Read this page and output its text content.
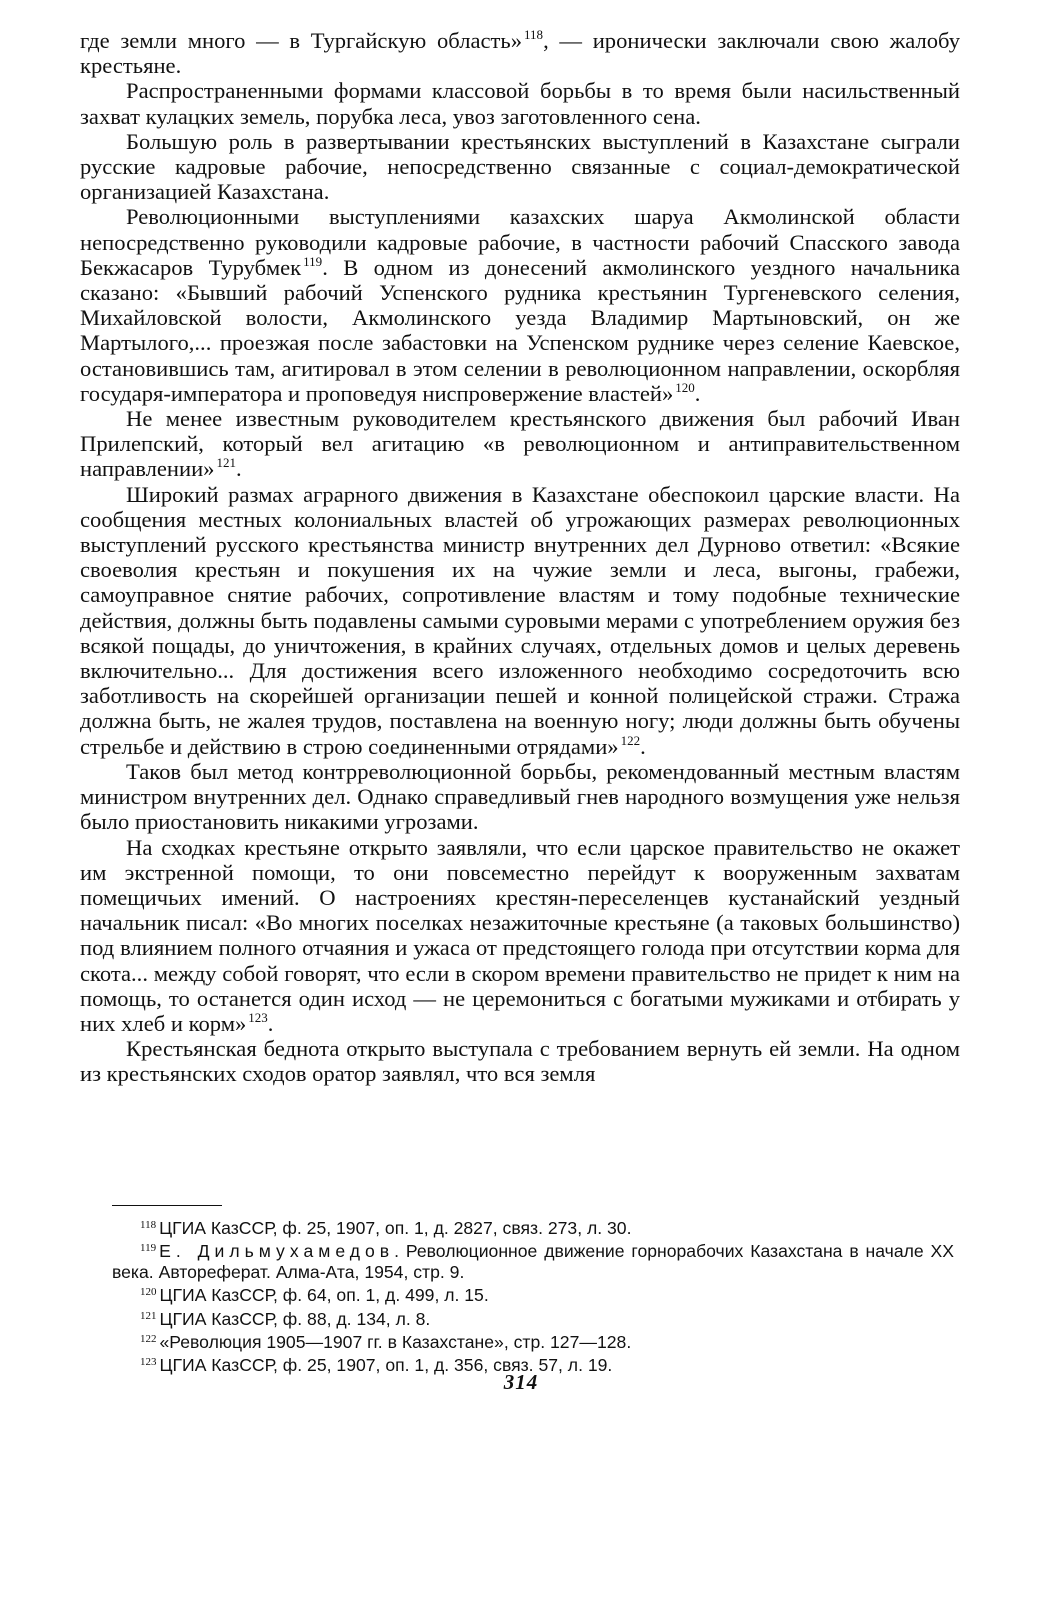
где земли много — в Тургайскую область» $^{118}$, — иронически заключали свою жалобу крестьяне.

Распространенными формами классовой борьбы в то время были насильственный захват кулацких земель, порубка леса, увоз заготовленного сена.

Большую роль в развертывании крестьянских выступлений в Казахстане сыграли русские кадровые рабочие, непосредственно связанные с социал-демократической организацией Казахстана.

Революционными выступлениями казахских шаруа Акмолинской области непосредственно руководили кадровые рабочие, в частности рабочий Спасского завода Бекжасаров Турубмек $^{119}$. В одном из донесений акмолинского уездного начальника сказано: «Бывший рабочий Успенского рудника крестьянин Тургеневского селения, Михайловской волости, Акмолинского уезда Владимир Мартыновский, он же Мартылого,... проезжая после забастовки на Успенском руднике через селение Каевское, остановившись там, агитировал в этом селении в революционном направлении, оскорбляя государя-императора и проповедуя ниспровержение властей» $^{120}$.

Не менее известным руководителем крестьянского движения был рабочий Иван Прилепский, который вел агитацию «в революционном и антиправительственном направлении» $^{121}$.

Широкий размах аграрного движения в Казахстане обеспокоил царские власти. На сообщения местных колониальных властей об угрожающих размерах революционных выступлений русского крестьянства министр внутренних дел Дурново ответил: «Всякие своеволия крестьян и покушения их на чужие земли и леса, выгоны, грабежи, самоуправное снятие рабочих, сопротивление властям и тому подобные технические действия, должны быть подавлены самыми суровыми мерами с употреблением оружия без всякой пощады, до уничтожения, в крайних случаях, отдельных домов и целых деревень включительно... Для достижения всего изложенного необходимо сосредоточить всю заботливость на скорейшей организации пешей и конной полицейской стражи. Стража должна быть, не жалея трудов, поставлена на военную ногу; люди должны быть обучены стрельбе и действию в строю соединенными отрядами» $^{122}$.

Таков был метод контрреволюционной борьбы, рекомендованный местным властям министром внутренних дел. Однако справедливый гнев народного возмущения уже нельзя было приостановить никакими угрозами.

На сходках крестьяне открыто заявляли, что если царское правительство не окажет им экстренной помощи, то они повсеместно перейдут к вооруженным захватам помещичьих имений. О настроениях крестян-переселенцев кустанайский уездный начальник писал: «Во многих поселках незажиточные крестьяне (а таковых большинство) под влиянием полного отчаяния и ужаса от предстоящего голода при отсутствии корма для скота... между собой говорят, что если в скором времени правительство не придет к ним на помощь, то останется один исход — не церемониться с богатыми мужиками и отбирать у них хлеб и корм» $^{123}$.

Крестьянская беднота открыто выступала с требованием вернуть ей земли. На одном из крестьянских сходов оратор заявлял, что вся земля

$^{118}$ ЦГИА КазССР, ф. 25, 1907, оп. 1, д. 2827, связ. 273, л. 30.

$^{119}$ Е. Дильмухамедов. Революционное движение горнорабочих Казахстана в начале XX века. Автореферат. Алма-Ата, 1954, стр. 9.

$^{120}$ ЦГИА КазССР, ф. 64, оп. 1, д. 499, л. 15.

$^{121}$ ЦГИА КазССР, ф. 88, д. 134, л. 8.

$^{122}$ «Революция 1905—1907 гг. в Казахстане», стр. 127—128.

$^{123}$ ЦГИА КазССР, ф. 25, 1907, оп. 1, д. 356, связ. 57, л. 19.

314
